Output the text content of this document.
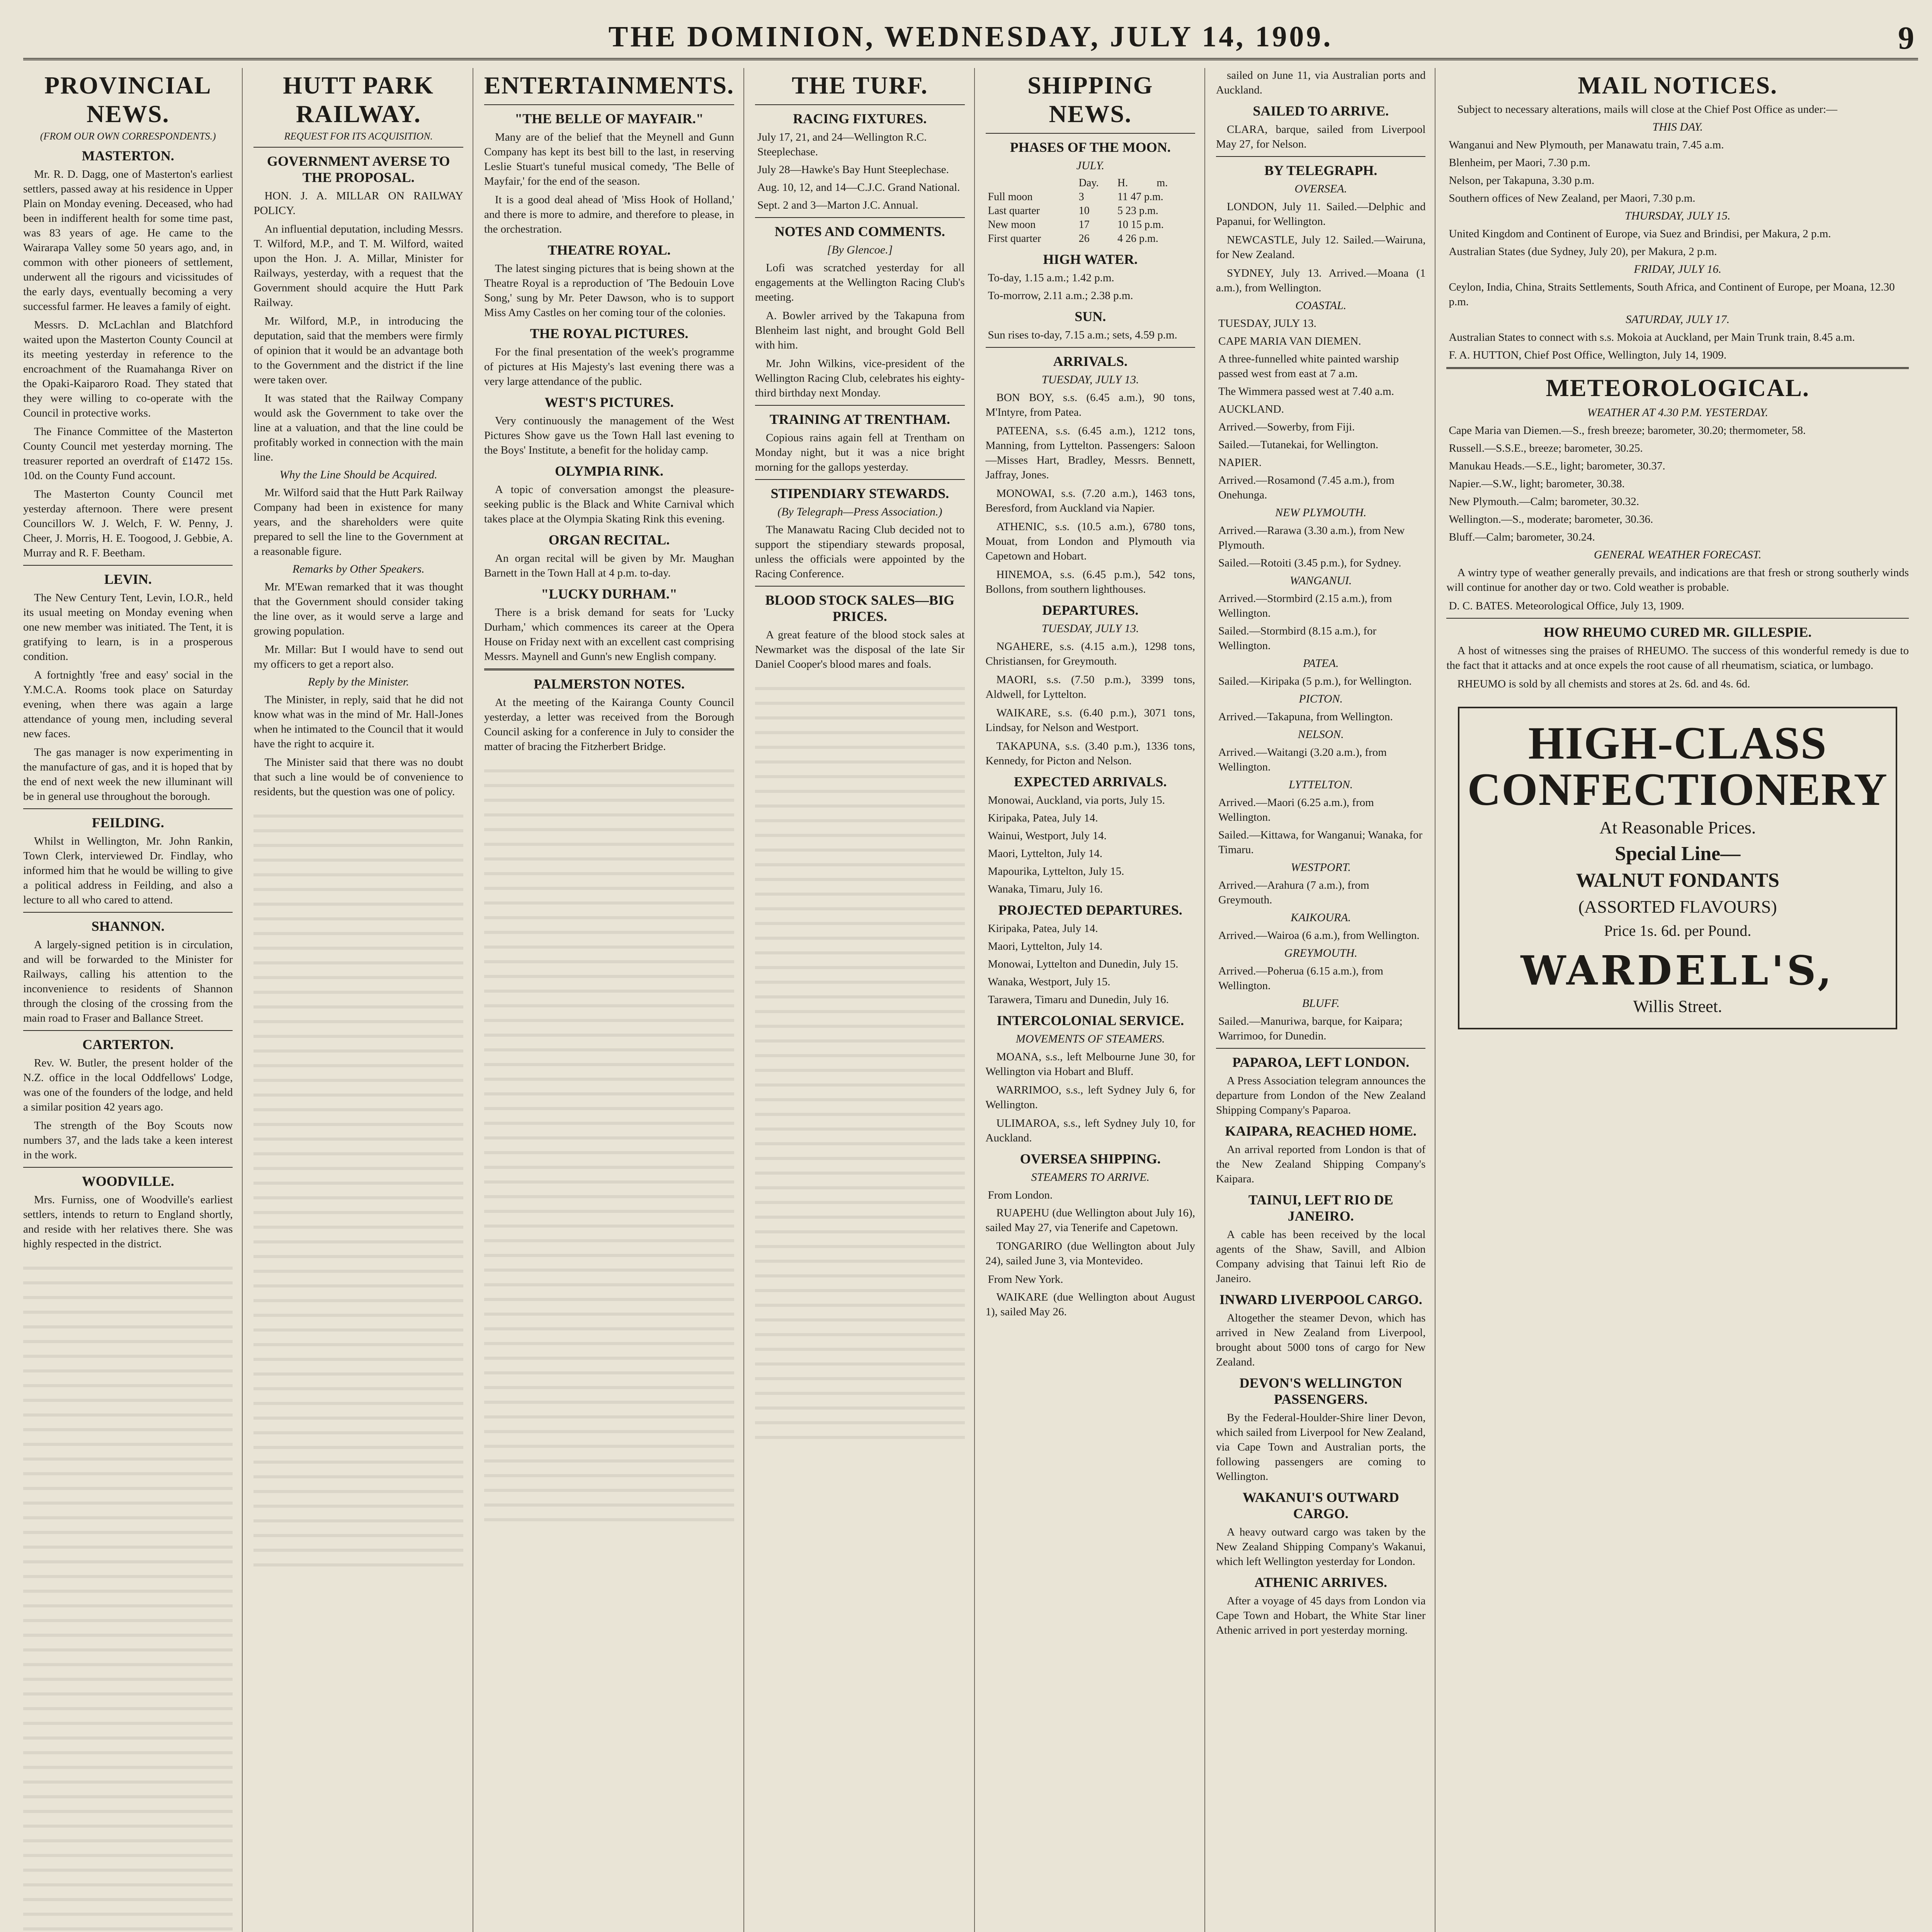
THE DOMINION, WEDNESDAY, JULY 14, 1909.	9
PROVINCIAL NEWS.
(FROM OUR OWN CORRESPONDENTS.)
MASTERTON.

Mr. R. D. Dagg, one of Masterton's earliest settlers, passed away at his residence in Upper Plain on Monday evening. Deceased, who had been in indifferent health for some time past, was 83 years of age. He came to the Wairarapa Valley some 50 years ago, and, in common with other pioneers of settlement, underwent all the rigours and vicissitudes of the early days, eventually becoming a very successful farmer. He leaves a family of eight.

Messrs. D. McLachlan and Blatchford waited upon the Masterton County Council at its meeting yesterday in reference to the encroachment of the Ruamahanga River on the Opaki-Kaiparoro Road. They stated that they were willing to co-operate with the Council in protective works.

The Finance Committee of the Masterton County Council met yesterday morning. The treasurer reported an overdraft of £1472 15s. 10d. on the County Fund account.

The Masterton County Council met yesterday afternoon. There were present Councillors W. J. Welch, F. W. Penny, J. Cheer, J. Morris, H. E. Toogood, J. Gebbie, A. Murray and R. F. Beetham.

LEVIN.

The New Century Tent, Levin, I.O.R., held its usual meeting on Monday evening when one new member was initiated. The Tent, it is gratifying to learn, is in a prosperous condition.

A fortnightly 'free and easy' social in the Y.M.C.A. Rooms took place on Saturday evening, when there was again a large attendance of young men, including several new faces.

The gas manager is now experimenting in the manufacture of gas, and it is hoped that by the end of next week the new illuminant will be in general use throughout the borough.

FEILDING.

Whilst in Wellington, Mr. John Rankin, Town Clerk, interviewed Dr. Findlay, who informed him that he would be willing to give a political address in Feilding, and also a lecture to all who cared to attend.

SHANNON.

A largely-signed petition is in circulation, and will be forwarded to the Minister for Railways, calling his attention to the inconvenience to residents of Shannon through the closing of the crossing from the main road to Fraser and Ballance Street.

CARTERTON.

Rev. W. Butler, the present holder of the N.Z. office in the local Oddfellows' Lodge, was one of the founders of the lodge, and held a similar position 42 years ago.

The strength of the Boy Scouts now numbers 37, and the lads take a keen interest in the work.

WOODVILLE.

Mrs. Furniss, one of Woodville's earliest settlers, intends to return to England shortly, and reside with her relatives there. She was highly respected in the district.

HUTT PARK RAILWAY.
REQUEST FOR ITS ACQUISITION.
GOVERNMENT AVERSE TO THE PROPOSAL.

HON. J. A. MILLAR ON RAILWAY POLICY.

An influential deputation, including Messrs. T. Wilford, M.P., and T. M. Wilford, waited upon the Hon. J. A. Millar, Minister for Railways, yesterday, with a request that the Government should acquire the Hutt Park Railway.

Mr. Wilford, M.P., in introducing the deputation, said that the members were firmly of opinion that it would be an advantage both to the Government and the district if the line were taken over.

It was stated that the Railway Company would ask the Government to take over the line at a valuation, and that the line could be profitably worked in connection with the main line.

Why the Line Should be Acquired.

Mr. Wilford said that the Hutt Park Railway Company had been in existence for many years, and the shareholders were quite prepared to sell the line to the Government at a reasonable figure.

Remarks by Other Speakers.

Mr. M'Ewan remarked that it was thought that the Government should consider taking the line over, as it would serve a large and growing population.

Mr. Millar: But I would have to send out my officers to get a report also.

Reply by the Minister.

The Minister, in reply, said that he did not know what was in the mind of Mr. Hall-Jones when he intimated to the Council that it would have the right to acquire it.

The Minister said that there was no doubt that such a line would be of convenience to residents, but the question was one of policy.

ENTERTAINMENTS.
"THE BELLE OF MAYFAIR."

Many are of the belief that the Meynell and Gunn Company has kept its best bill to the last, in reserving Leslie Stuart's tuneful musical comedy, 'The Belle of Mayfair,' for the end of the season.

It is a good deal ahead of 'Miss Hook of Holland,' and there is more to admire, and therefore to please, in the orchestration.

THEATRE ROYAL.

The latest singing pictures that is being shown at the Theatre Royal is a reproduction of 'The Bedouin Love Song,' sung by Mr. Peter Dawson, who is to support Miss Amy Castles on her coming tour of the colonies.

THE ROYAL PICTURES.

For the final presentation of the week's programme of pictures at His Majesty's last evening there was a very large attendance of the public.

WEST'S PICTURES.

Very continuously the management of the West Pictures Show gave us the Town Hall last evening to the Boys' Institute, a benefit for the holiday camp.

OLYMPIA RINK.

A topic of conversation amongst the pleasure-seeking public is the Black and White Carnival which takes place at the Olympia Skating Rink this evening.

ORGAN RECITAL.

An organ recital will be given by Mr. Maughan Barnett in the Town Hall at 4 p.m. to-day.

"LUCKY DURHAM."

There is a brisk demand for seats for 'Lucky Durham,' which commences its career at the Opera House on Friday next with an excellent cast comprising Messrs. Maynell and Gunn's new English company.

PALMERSTON NOTES.

At the meeting of the Kairanga County Council yesterday, a letter was received from the Borough Council asking for a conference in July to consider the matter of bracing the Fitzherbert Bridge.

THE TURF.
RACING FIXTURES.
July 17, 21, and 24—Wellington R.C. Steeplechase.
July 28—Hawke's Bay Hunt Steeplechase.
Aug. 10, 12, and 14—C.J.C. Grand National.
Sept. 2 and 3—Marton J.C. Annual.
NOTES AND COMMENTS.
[By Glencoe.]

Lofi was scratched yesterday for all engagements at the Wellington Racing Club's meeting.

A. Bowler arrived by the Takapuna from Blenheim last night, and brought Gold Bell with him.

Mr. John Wilkins, vice-president of the Wellington Racing Club, celebrates his eighty-third birthday next Monday.

TRAINING AT TRENTHAM.

Copious rains again fell at Trentham on Monday night, but it was a nice bright morning for the gallops yesterday.

STIPENDIARY STEWARDS.
(By Telegraph—Press Association.)

The Manawatu Racing Club decided not to support the stipendiary stewards proposal, unless the officials were appointed by the Racing Conference.

BLOOD STOCK SALES—BIG PRICES.

A great feature of the blood stock sales at Newmarket was the disposal of the late Sir Daniel Cooper's blood mares and foals.

SHIPPING NEWS.
PHASES OF THE MOON.
JULY.
	Day.	H.	m.
Full moon	3	11 47 p.m.	
Last quarter	10	5 23 p.m.	
New moon	17	10 15 p.m.	
First quarter	26	4 26 p.m.	
HIGH WATER.
To-day, 1.15 a.m.; 1.42 p.m.
To-morrow, 2.11 a.m.; 2.38 p.m.
SUN.
Sun rises to-day, 7.15 a.m.; sets, 4.59 p.m.
ARRIVALS.
TUESDAY, JULY 13.

BON BOY, s.s. (6.45 a.m.), 90 tons, M'Intyre, from Patea.

PATEENA, s.s. (6.45 a.m.), 1212 tons, Manning, from Lyttelton. Passengers: Saloon—Misses Hart, Bradley, Messrs. Bennett, Jaffray, Jones.

MONOWAI, s.s. (7.20 a.m.), 1463 tons, Beresford, from Auckland via Napier.

ATHENIC, s.s. (10.5 a.m.), 6780 tons, Mouat, from London and Plymouth via Capetown and Hobart.

HINEMOA, s.s. (6.45 p.m.), 542 tons, Bollons, from southern lighthouses.

DEPARTURES.
TUESDAY, JULY 13.

NGAHERE, s.s. (4.15 a.m.), 1298 tons, Christiansen, for Greymouth.

MAORI, s.s. (7.50 p.m.), 3399 tons, Aldwell, for Lyttelton.

WAIKARE, s.s. (6.40 p.m.), 3071 tons, Lindsay, for Nelson and Westport.

TAKAPUNA, s.s. (3.40 p.m.), 1336 tons, Kennedy, for Picton and Nelson.

EXPECTED ARRIVALS.
Monowai, Auckland, via ports, July 15.
Kiripaka, Patea, July 14.
Wainui, Westport, July 14.
Maori, Lyttelton, July 14.
Mapourika, Lyttelton, July 15.
Wanaka, Timaru, July 16.
PROJECTED DEPARTURES.
Kiripaka, Patea, July 14.
Maori, Lyttelton, July 14.
Monowai, Lyttelton and Dunedin, July 15.
Wanaka, Westport, July 15.
Tarawera, Timaru and Dunedin, July 16.
INTERCOLONIAL SERVICE.
MOVEMENTS OF STEAMERS.

MOANA, s.s., left Melbourne June 30, for Wellington via Hobart and Bluff.

WARRIMOO, s.s., left Sydney July 6, for Wellington.

ULIMAROA, s.s., left Sydney July 10, for Auckland.

OVERSEA SHIPPING.
STEAMERS TO ARRIVE.
From London.

RUAPEHU (due Wellington about July 16), sailed May 27, via Tenerife and Capetown.

TONGARIRO (due Wellington about July 24), sailed June 3, via Montevideo.

From New York.

WAIKARE (due Wellington about August 1), sailed May 26.

sailed on June 11, via Australian ports and Auckland.

SAILED TO ARRIVE.

CLARA, barque, sailed from Liverpool May 27, for Nelson.

BY TELEGRAPH.
OVERSEA.

LONDON, July 11. Sailed.—Delphic and Papanui, for Wellington.

NEWCASTLE, July 12. Sailed.—Wairuna, for New Zealand.

SYDNEY, July 13. Arrived.—Moana (1 a.m.), from Wellington.

COASTAL.
TUESDAY, JULY 13.
CAPE MARIA VAN DIEMEN.
A three-funnelled white painted warship passed west from east at 7 a.m.
The Wimmera passed west at 7.40 a.m.
AUCKLAND.
Arrived.—Sowerby, from Fiji.
Sailed.—Tutanekai, for Wellington.
NAPIER.
Arrived.—Rosamond (7.45 a.m.), from Onehunga.
NEW PLYMOUTH.
Arrived.—Rarawa (3.30 a.m.), from New Plymouth.
Sailed.—Rotoiti (3.45 p.m.), for Sydney.
WANGANUI.
Arrived.—Stormbird (2.15 a.m.), from Wellington.
Sailed.—Stormbird (8.15 a.m.), for Wellington.
PATEA.
Sailed.—Kiripaka (5 p.m.), for Wellington.
PICTON.
Arrived.—Takapuna, from Wellington.
NELSON.
Arrived.—Waitangi (3.20 a.m.), from Wellington.
LYTTELTON.
Arrived.—Maori (6.25 a.m.), from Wellington.
Sailed.—Kittawa, for Wanganui; Wanaka, for Timaru.
WESTPORT.
Arrived.—Arahura (7 a.m.), from Greymouth.
KAIKOURA.
Arrived.—Wairoa (6 a.m.), from Wellington.
GREYMOUTH.
Arrived.—Poherua (6.15 a.m.), from Wellington.
BLUFF.
Sailed.—Manuriwa, barque, for Kaipara; Warrimoo, for Dunedin.
PAPAROA, LEFT LONDON.

A Press Association telegram announces the departure from London of the New Zealand Shipping Company's Paparoa.

KAIPARA, REACHED HOME.

An arrival reported from London is that of the New Zealand Shipping Company's Kaipara.

TAINUI, LEFT RIO DE JANEIRO.

A cable has been received by the local agents of the Shaw, Savill, and Albion Company advising that Tainui left Rio de Janeiro.

INWARD LIVERPOOL CARGO.

Altogether the steamer Devon, which has arrived in New Zealand from Liverpool, brought about 5000 tons of cargo for New Zealand.

DEVON'S WELLINGTON PASSENGERS.

By the Federal-Houlder-Shire liner Devon, which sailed from Liverpool for New Zealand, via Cape Town and Australian ports, the following passengers are coming to Wellington.

WAKANUI'S OUTWARD CARGO.

A heavy outward cargo was taken by the New Zealand Shipping Company's Wakanui, which left Wellington yesterday for London.

ATHENIC ARRIVES.

After a voyage of 45 days from London via Cape Town and Hobart, the White Star liner Athenic arrived in port yesterday morning.

MAIL NOTICES.

Subject to necessary alterations, mails will close at the Chief Post Office as under:—

THIS DAY.
Wanganui and New Plymouth, per Manawatu train, 7.45 a.m.
Blenheim, per Maori, 7.30 p.m.
Nelson, per Takapuna, 3.30 p.m.
Southern offices of New Zealand, per Maori, 7.30 p.m.
THURSDAY, JULY 15.
United Kingdom and Continent of Europe, via Suez and Brindisi, per Makura, 2 p.m.
Australian States (due Sydney, July 20), per Makura, 2 p.m.
FRIDAY, JULY 16.
Ceylon, India, China, Straits Settlements, South Africa, and Continent of Europe, per Moana, 12.30 p.m.
SATURDAY, JULY 17.
Australian States to connect with s.s. Mokoia at Auckland, per Main Trunk train, 8.45 a.m.
F. A. HUTTON, Chief Post Office, Wellington, July 14, 1909.
METEOROLOGICAL.
WEATHER AT 4.30 P.M. YESTERDAY.
Cape Maria van Diemen.—S., fresh breeze; barometer, 30.20; thermometer, 58.
Russell.—S.S.E., breeze; barometer, 30.25.
Manukau Heads.—S.E., light; barometer, 30.37.
Napier.—S.W., light; barometer, 30.38.
New Plymouth.—Calm; barometer, 30.32.
Wellington.—S., moderate; barometer, 30.36.
Bluff.—Calm; barometer, 30.24.
GENERAL WEATHER FORECAST.

A wintry type of weather generally prevails, and indications are that fresh or strong southerly winds will continue for another day or two. Cold weather is probable.

D. C. BATES. Meteorological Office, July 13, 1909.
HOW RHEUMO CURED MR. GILLESPIE.

A host of witnesses sing the praises of RHEUMO. The success of this wonderful remedy is due to the fact that it attacks and at once expels the root cause of all rheumatism, sciatica, or lumbago.

RHEUMO is sold by all chemists and stores at 2s. 6d. and 4s. 6d.

HIGH-CLASS
CONFECTIONERY
At Reasonable Prices.
Special Line—
WALNUT FONDANTS
(ASSORTED FLAVOURS)
Price 1s. 6d. per Pound.
WARDELL'S,
Willis Street.
